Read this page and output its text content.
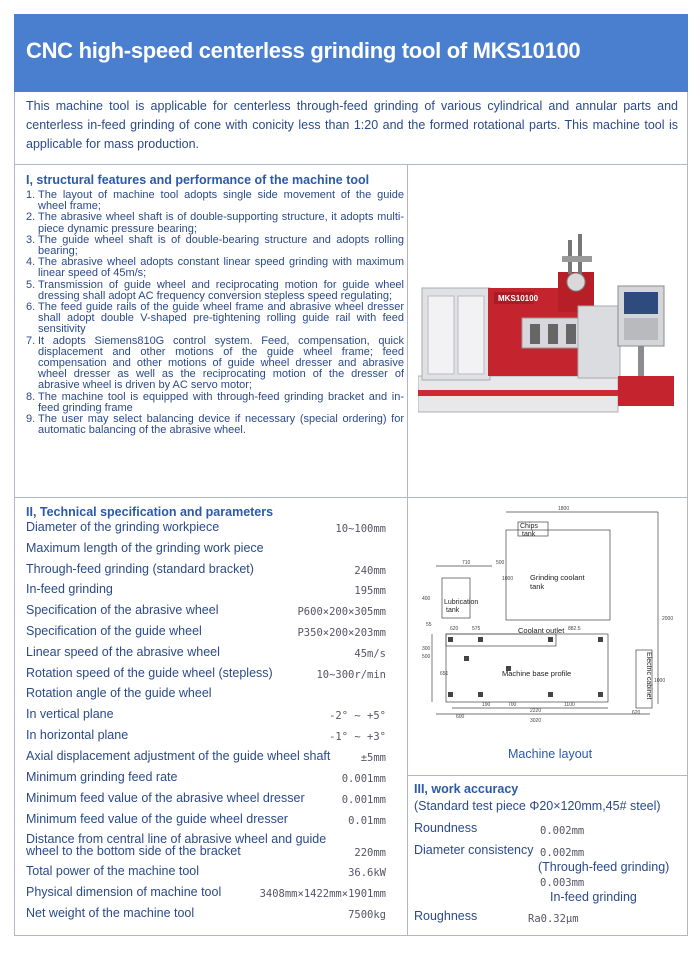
CNC high-speed centerless grinding tool of MKS10100

This machine tool is applicable for centerless through-feed grinding of various cylindrical and annular parts and centerless in-feed grinding of cone with conicity less than 1:20 and the formed rotational parts. This machine tool is applicable for mass production.

I, structural features and performance of the machine tool
1. The layout of machine tool adopts single side movement of the guide wheel frame;
2. The abrasive wheel shaft is of double-supporting structure, it adopts multi-piece dynamic pressure bearing;
3. The guide wheel shaft is of double-bearing structure and adopts rolling bearing;
4. The abrasive wheel adopts constant linear speed grinding with maximum linear speed of 45m/s;
5. Transmission of guide wheel and reciprocating motion for guide wheel dressing shall adopt AC frequency conversion stepless speed regulating;
6. The feed guide rails of the guide wheel frame and abrasive wheel dresser shall adopt double V-shaped pre-tightening rolling guide rail with feed sensitivity
7. It adopts Siemens810G control system. Feed, compensation, quick displacement and other motions of the guide wheel frame; feed compensation and other motions of guide wheel dresser and abrasive wheel dresser as well as the reciprocating motion of the dresser of abrasive wheel is driven by AC servo motor;
8. The machine tool is equipped with through-feed grinding bracket and in-feed grinding frame
9. The user may select balancing device if necessary (special ordering) for automatic balancing of the abrasive wheel.
MKS10100
II, Technical specification and parameters
Diameter of the grinding workpiece	10~100mm
Maximum length of the grinding work piece
Through-feed grinding (standard bracket)	240mm
In-feed grinding	195mm
Specification of the abrasive wheel	P600×200×305mm
Specification of the guide wheel	P350×200×203mm
Linear speed of the abrasive wheel	45m/s
Rotation speed of the guide wheel (stepless)	10~300r/min
Rotation angle of the guide wheel
In vertical plane	-2° ~ +5°
In horizontal plane	-1° ~ +3°
Axial displacement adjustment of the guide wheel shaft	±5mm
Minimum grinding feed rate	0.001mm
Minimum feed value of the abrasive wheel dresser	0.001mm
Minimum feed value of the guide wheel dresser	0.01mm
Distance from central line of abrasive wheel and guide
wheel to the bottom side of the bracket	220mm
Total power of the machine tool	36.6kW
Physical dimension of machine tool	3408mm×1422mm×1901mm
Net weight of the machine tool	7500kg
Chips
tank
Grinding coolant
tank
Lubrication
tank
Coolant outlet
Machine base profile	Electric cabinet
1800
710	500
1000
620	575	882.5
2000
1000
600
190	700	1100
2220
3020
620
400
300
500
55
651
Machine layout
III, work accuracy
(Standard test piece Φ20×120mm,45# steel)
Roundness	0.002mm
Diameter consistency 0.002mm
(Through-feed grinding)
0.003mm
In-feed grinding
Roughness	Ra0.32μm
